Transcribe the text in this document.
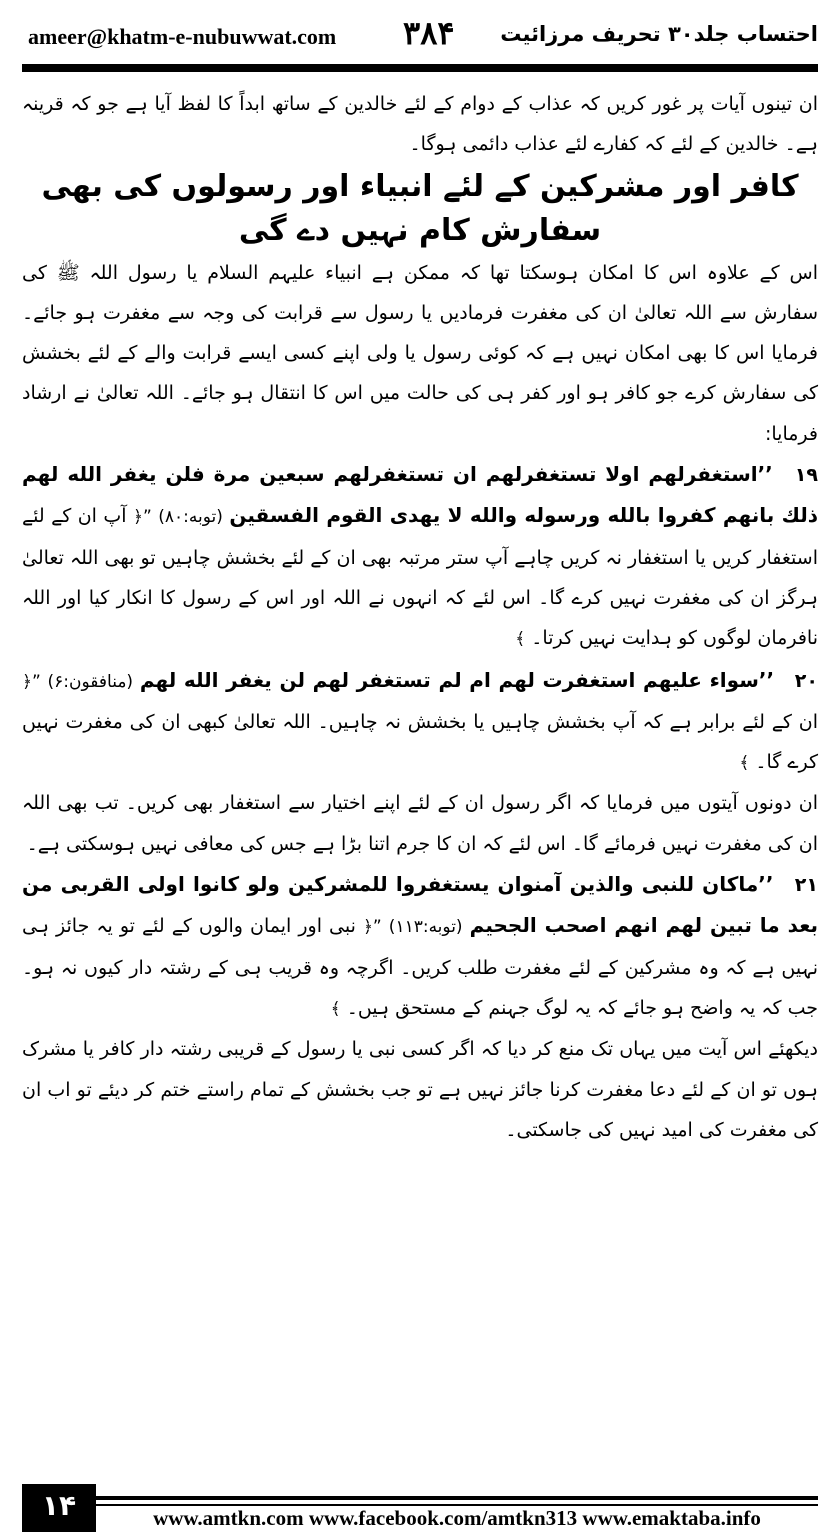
ameer@khatm-e-nubuwwat.com ۳۸۴ احتساب جلد۳۰ تحریف مرزائیت

ان تینوں آیات پر غور کریں کہ عذاب کے دوام کے لئے خالدین کے ساتھ ابداً کا لفظ آیا ہے جو کہ قرینہ ہے۔ خالدین کے لئے کہ کفارے لئے عذاب دائمی ہوگا۔

کافر اور مشرکین کے لئے انبیاء اور رسولوں کی بھی سفارش کام نہیں دے گی

اس کے علاوہ اس کا امکان ہوسکتا تھا کہ ممکن ہے انبیاء علیہم السلام یا رسول اللہ ﷺ کی سفارش سے اللہ تعالیٰ ان کی مغفرت فرمادیں یا رسول سے قرابت کی وجہ سے مغفرت ہو جائے۔ فرمایا اس کا بھی امکان نہیں ہے کہ کوئی رسول یا ولی اپنے کسی ایسے قرابت والے کے لئے بخشش کی سفارش کرے جو کافر ہو اور کفر ہی کی حالت میں اس کا انتقال ہو جائے۔ اللہ تعالیٰ نے ارشاد فرمایا:

۱۹ ’’استغفرلهم اولا تستغفرلهم ان تستغفرلهم سبعين مرة فلن يغفر الله لهم ذلك بانهم كفروا بالله ورسوله والله لا يهدى القوم الفسقين (توبه:۸۰) ”﴿ آپ ان کے لئے استغفار کریں یا استغفار نہ کریں چاہے آپ ستر مرتبہ بھی ان کے لئے بخشش چاہیں تو بھی اللہ تعالیٰ ہرگز ان کی مغفرت نہیں کرے گا۔ اس لئے کہ انہوں نے اللہ اور اس کے رسول کا انکار کیا اور اللہ نافرمان لوگوں کو ہدایت نہیں کرتا۔ ﴾

۲۰ ’’سواء عليهم استغفرت لهم ام لم تستغفر لهم لن يغفر الله لهم (منافقون:۶) ”﴿ ان کے لئے برابر ہے کہ آپ بخشش چاہیں یا بخشش نہ چاہیں۔ اللہ تعالیٰ کبھی ان کی مغفرت نہیں کرے گا۔ ﴾

ان دونوں آیتوں میں فرمایا کہ اگر رسول ان کے لئے اپنے اختیار سے استغفار بھی کریں۔ تب بھی اللہ ان کی مغفرت نہیں فرمائے گا۔ اس لئے کہ ان کا جرم اتنا بڑا ہے جس کی معافی نہیں ہوسکتی ہے۔

۲۱ ’’ماكان للنبى والذين آمنوان يستغفروا للمشركين ولو كانوا اولى القربى من بعد ما تبين لهم انهم اصحب الجحيم (توبه:۱۱۳) ”﴿ نبی اور ایمان والوں کے لئے تو یہ جائز ہی نہیں ہے کہ وہ مشرکین کے لئے مغفرت طلب کریں۔ اگرچہ وہ قریب ہی کے رشتہ دار کیوں نہ ہو۔ جب کہ یہ واضح ہو جائے کہ یہ لوگ جہنم کے مستحق ہیں۔ ﴾

دیکھئے اس آیت میں یہاں تک منع کر دیا کہ اگر کسی نبی یا رسول کے قریبی رشتہ دار کافر یا مشرک ہوں تو ان کے لئے دعا مغفرت کرنا جائز نہیں ہے تو جب بخشش کے تمام راستے ختم کر دیئے تو اب ان کی مغفرت کی امید نہیں کی جاسکتی۔

۱۴	www.amtkn.com www.facebook.com/amtkn313 www.emaktaba.info
